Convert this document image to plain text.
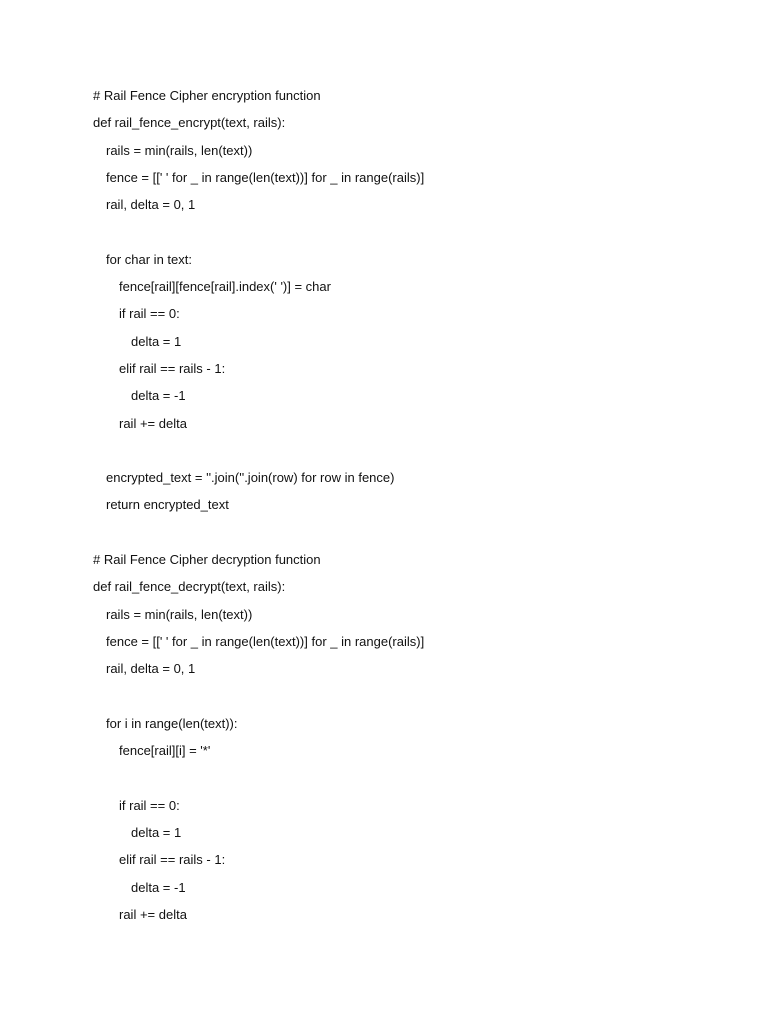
# Rail Fence Cipher encryption function
def rail_fence_encrypt(text, rails):
rails = min(rails, len(text))
fence = [[' ' for _ in range(len(text))] for _ in range(rails)]
rail, delta = 0, 1
for char in text:
fence[rail][fence[rail].index(' ')] = char
if rail == 0:
delta = 1
elif rail == rails - 1:
delta = -1
rail += delta
encrypted_text = ''.join(''.join(row) for row in fence)
return encrypted_text
# Rail Fence Cipher decryption function
def rail_fence_decrypt(text, rails):
rails = min(rails, len(text))
fence = [[' ' for _ in range(len(text))] for _ in range(rails)]
rail, delta = 0, 1
for i in range(len(text)):
fence[rail][i] = '*'
if rail == 0:
delta = 1
elif rail == rails - 1:
delta = -1
rail += delta
